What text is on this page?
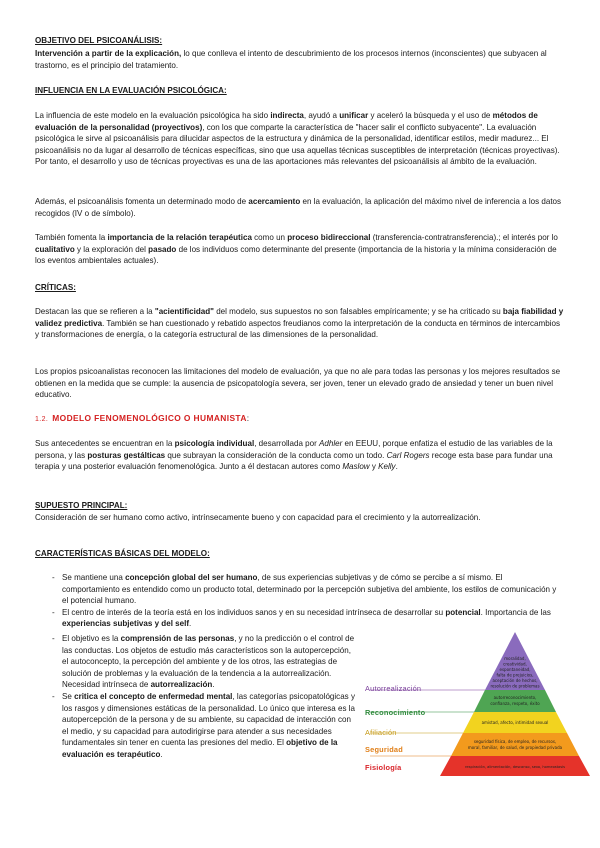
OBJETIVO DEL PSICOANÁLISIS:

Intervención a partir de la explicación, lo que conlleva el intento de descubrimiento de los procesos internos (inconscientes) que subyacen al trastorno, es el principio del tratamiento.

INFLUENCIA EN LA EVALUACIÓN PSICOLÓGICA:

La influencia de este modelo en la evaluación psicológica ha sido indirecta, ayudó a unificar y aceleró la búsqueda y el uso de métodos de evaluación de la personalidad (proyectivos), con los que comparte la característica de "hacer salir el conflicto subyacente". La evaluación psicológica le sirve al psicoanálisis para dilucidar aspectos de la estructura y dinámica de la personalidad, identificar estilos, medir madurez... El psicoanálisis no da lugar al desarrollo de técnicas específicas, sino que usa aquellas técnicas susceptibles de interpretación (técnicas proyectivas). Por tanto, el desarrollo y uso de técnicas proyectivas es una de las aportaciones más relevantes del psicoanálisis al ámbito de la evaluación.

Además, el psicoanálisis fomenta un determinado modo de acercamiento en la evaluación, la aplicación del máximo nivel de inferencia a los datos recogidos (IV o de símbolo).

También fomenta la importancia de la relación terapéutica como un proceso bidireccional (transferencia-contratransferencia).; el interés por lo cualitativo y la exploración del pasado de los individuos como determinante del presente (importancia de la historia y la mínima consideración de los eventos ambientales actuales).

CRÍTICAS:

Destacan las que se refieren a la "acientificidad" del modelo, sus supuestos no son falsables empíricamente; y se ha criticado su baja fiabilidad y validez predictiva. También se han cuestionado y rebatido aspectos freudianos como la interpretación de la conducta en términos de intercambios y transformaciones de energía, o la categoría estructural de las dimensiones de la personalidad.

Los propios psicoanalistas reconocen las limitaciones del modelo de evaluación, ya que no ale para todas las personas y los mejores resultados se obtienen en la medida que se cumple: la ausencia de psicopatología severa, ser joven, tener un elevado grado de ansiedad y tener un buen nivel educativo.

1.2. MODELO FENOMENOLÓGICO O HUMANISTA:

Sus antecedentes se encuentran en la psicología individual, desarrollada por Adhler en EEUU, porque enfatiza el estudio de las variables de la persona, y las posturas gestálticas que subrayan la consideración de la conducta como un todo. Carl Rogers recoge esta base para fundar una terapia y una posterior evaluación fenomenológica. Junto a él destacan autores como Maslow y Kelly.

SUPUESTO PRINCIPAL:

Consideración de ser humano como activo, intrínsecamente bueno y con capacidad para el crecimiento y la autorrealización.

CARACTERÍSTICAS BÁSICAS DEL MODELO:

- Se mantiene una concepción global del ser humano, de sus experiencias subjetivas y de cómo se percibe a sí mismo. El comportamiento es entendido como un producto total, determinado por la percepción subjetiva del ambiente, los estilos de comunicación y el potencial humano.
- El centro de interés de la teoría está en los individuos sanos y en su necesidad intrínseca de desarrollar su potencial. Importancia de las experiencias subjetivas y del self.
- El objetivo es la comprensión de las personas, y no la predicción o el control de las conductas. Los objetos de estudio más característicos son la autopercepción, el autoconcepto, la percepción del ambiente y de los otros, las estrategias de solución de problemas y la evaluación de la tendencia a la autorrealización. Necesidad intrínseca de autorrealización.
- Se critica el concepto de enfermedad mental, las categorías psicopatológicas y los rasgos y dimensiones estáticas de la personalidad. Lo único que interesa es la autopercepción de la persona y de su ambiente, su capacidad de interacción con el medio, y su capacidad para autodirigirse para atender a sus necesidades fundamentales sin tener en cuenta las presiones del medio. El objetivo de la evaluación es terapéutico.
moralidad,
creatividad,
espontaneidad,
falta de prejuicios,
aceptación de hechos,
resolución de problemas
autorreconocimiento,
confianza, respeto, éxito
amistad, afecto, intimidad sexual
seguridad física, de empleo, de recursos,
moral, familiar, de salud, de propiedad privada
respiración, alimentación, descanso, sexo, homeostasis
Autorrealización
Reconocimiento
Afiliación
Seguridad
Fisiología
